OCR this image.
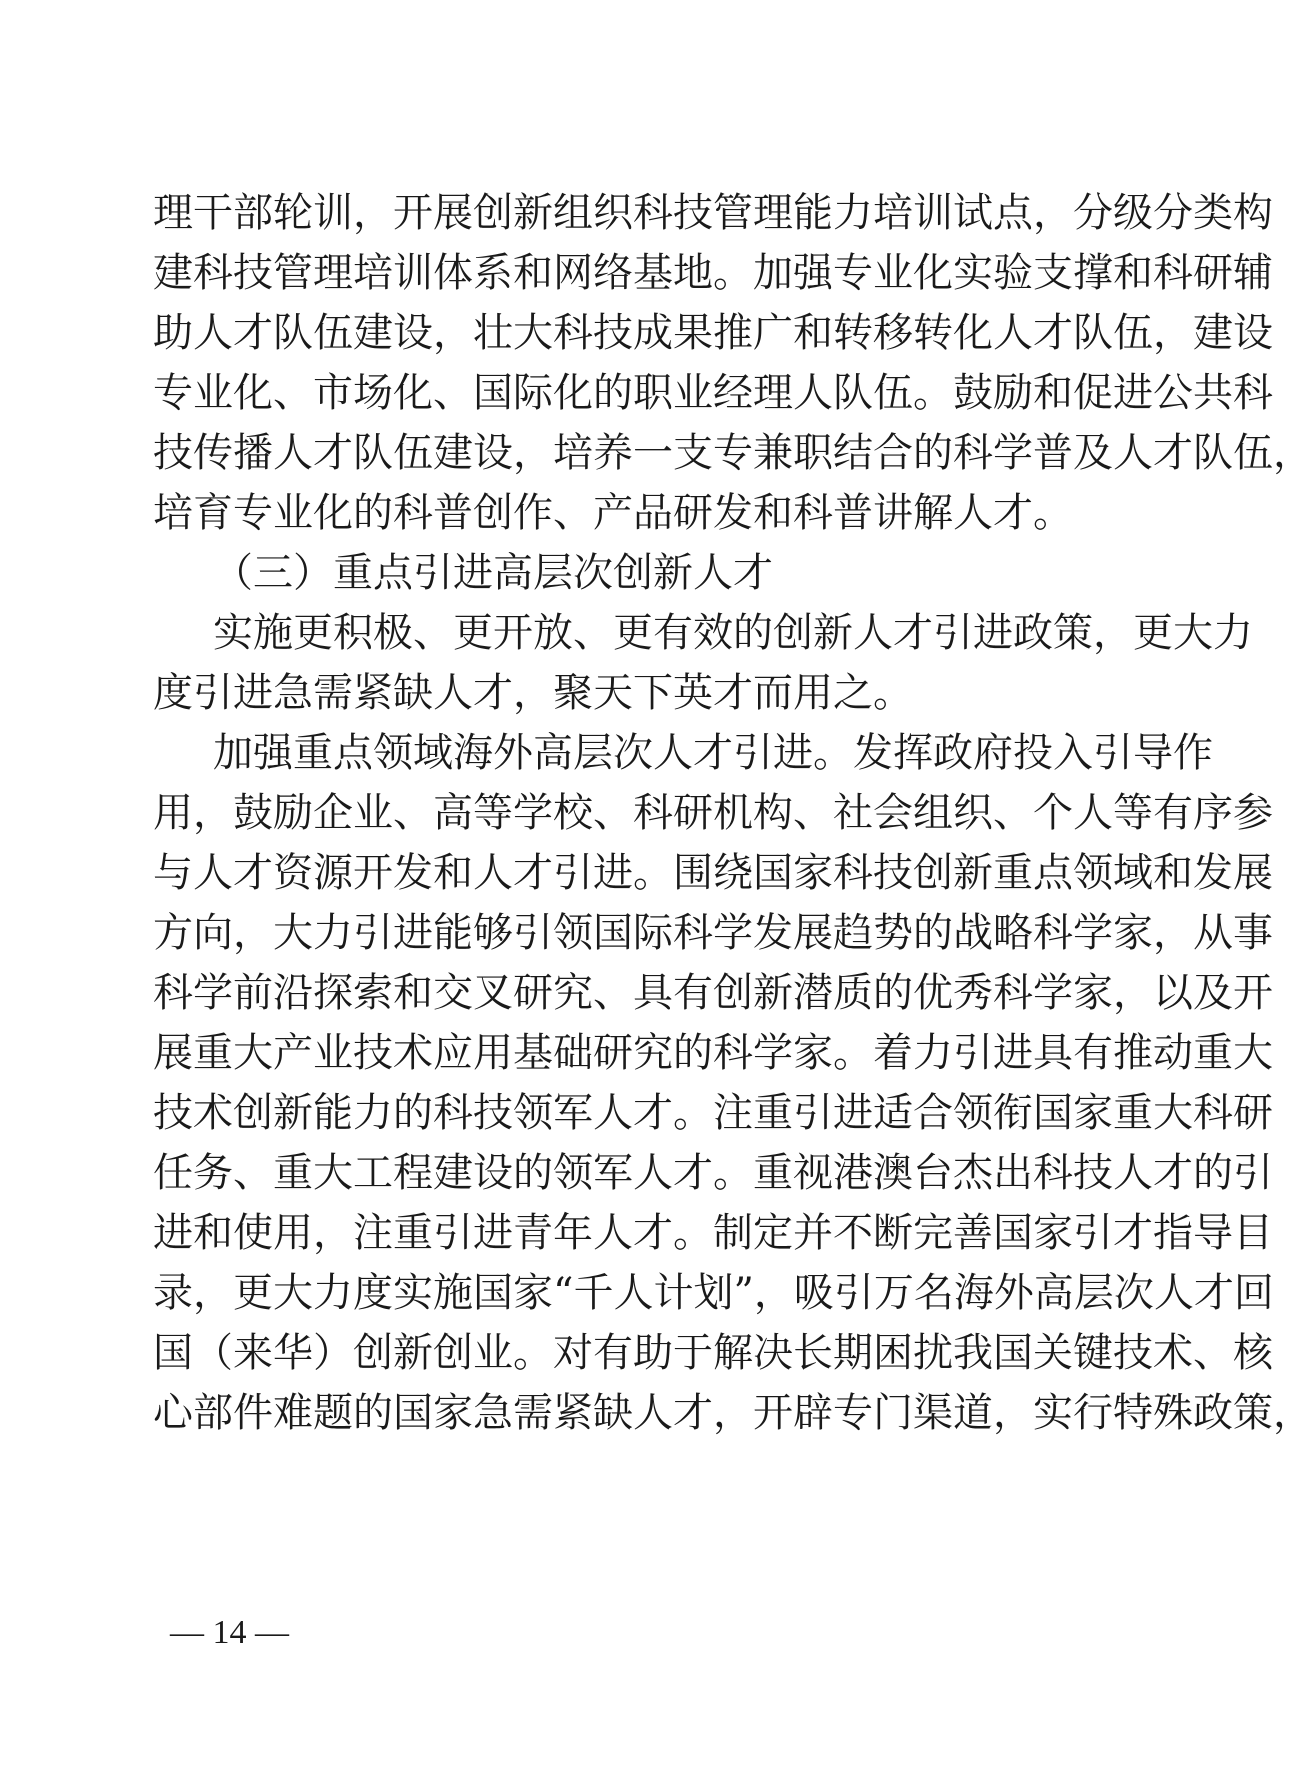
理干部轮训，开展创新组织科技管理能力培训试点，分级分类构
建科技管理培训体系和网络基地。加强专业化实验支撑和科研辅
助人才队伍建设，壮大科技成果推广和转移转化人才队伍，建设
专业化、市场化、国际化的职业经理人队伍。鼓励和促进公共科
技传播人才队伍建设，培养一支专兼职结合的科学普及人才队伍，
培育专业化的科普创作、产品研发和科普讲解人才。
（三）重点引进高层次创新人才
实施更积极、更开放、更有效的创新人才引进政策，更大力
度引进急需紧缺人才，聚天下英才而用之。
加强重点领域海外高层次人才引进。发挥政府投入引导作
用，鼓励企业、高等学校、科研机构、社会组织、个人等有序参
与人才资源开发和人才引进。围绕国家科技创新重点领域和发展
方向，大力引进能够引领国际科学发展趋势的战略科学家，从事
科学前沿探索和交叉研究、具有创新潜质的优秀科学家，以及开
展重大产业技术应用基础研究的科学家。着力引进具有推动重大
技术创新能力的科技领军人才。注重引进适合领衔国家重大科研
任务、重大工程建设的领军人才。重视港澳台杰出科技人才的引
进和使用，注重引进青年人才。制定并不断完善国家引才指导目
录，更大力度实施国家“千人计划”，吸引万名海外高层次人才回
国（来华）创新创业。对有助于解决长期困扰我国关键技术、核
心部件难题的国家急需紧缺人才，开辟专门渠道，实行特殊政策，
— 14 —
